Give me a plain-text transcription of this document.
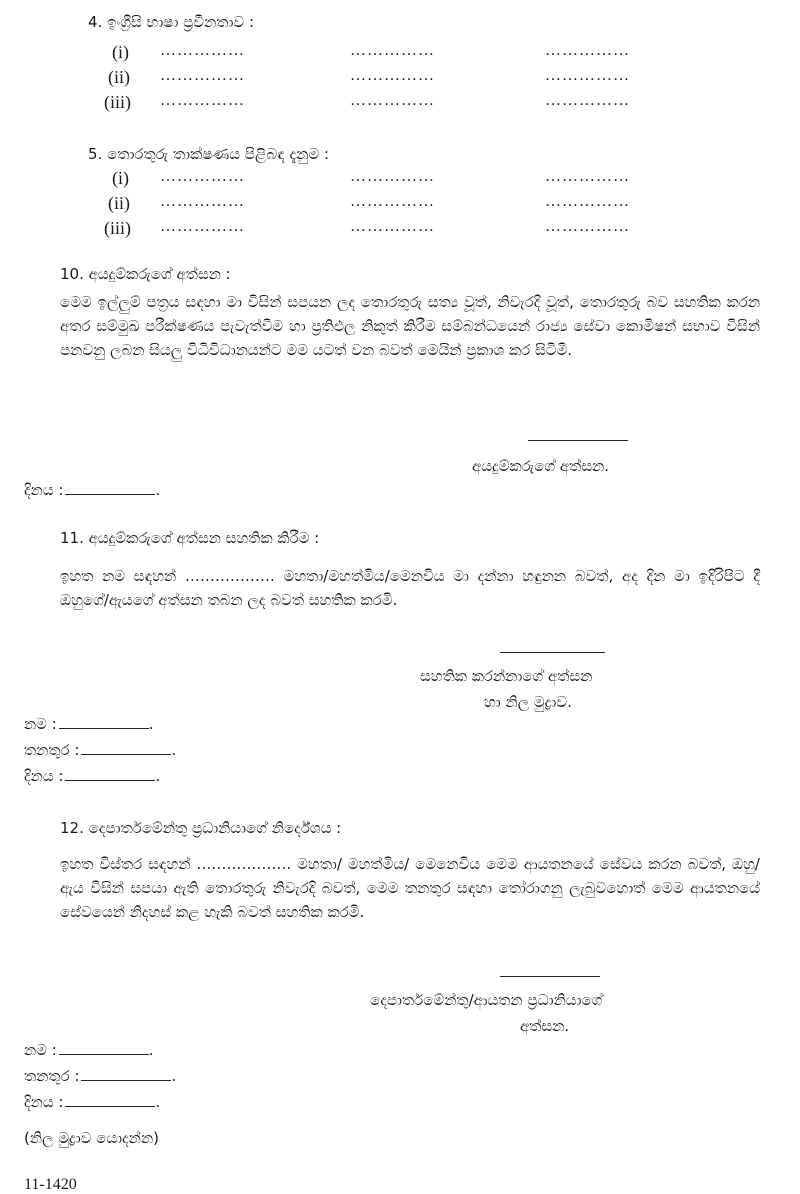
4. ඉංග්‍රීසි භාෂා ප්‍රවීනතාව :
(i) ……………	……………	……………
(ii) ……………	……………	……………
(iii) ……………	……………	……………
5. තොරතුරු තාක්ෂණය පිළිබඳ දැනුම :
(i) ……………	……………	……………
(ii) ……………	……………	……………
(iii) ……………	……………	……………
10. අයදුම්කරුගේ අත්සන :
මෙම ඉල්ලුම් පත්‍රය සඳහා මා විසින් සපයන ලද තොරතුරු සත්‍ය වූත්, නිවැරදි වූත්, තොරතුරු බව සහතික කරන අතර සම්මුඛ පරීක්ෂණය පැවැත්වීම හා ප්‍රතිඵල නිකුත් කිරීම සම්බන්ධයෙන් රාජ්‍ය සේවා කොමිෂන් සභාව විසින් පනවනු ලබන සියලු විධිවිධානයන්ට මම යටත් වන බවත් මෙයින් ප්‍රකාශ කර සිටිමි.
අයදුම්කරුගේ අත්සන.
දිනය :	.
11. අයදුම්කරුගේ අත්සන සහතික කිරීම :
ඉහත නම සඳහන් ……………… මහතා/මහත්මිය/මෙනවිය මා දන්නා හඳුනන බවත්, අද දින මා ඉදිරිපිට දී ඔහුගේ/ඇයගේ අත්සන තබන ලද බවත් සහතික කරමි.
සහතික කරන්නාගේ අත්සන
හා නිල මුද්‍රාව.
නම :	.
තනතුර :	.
දිනය :	.
12. දෙපාර්තමේන්තු ප්‍රධානියාගේ නිර්දේශය :
ඉහත විස්තර සඳහන් ………………. මහතා/ මහත්මිය/ මෙනෙවිය මෙම ආයතනයේ සේවය කරන බවත්, ඔහු/ඇය විසින් සපයා ඇති තොරතුරු නිවැරදි බවත්, මෙම තනතුර සඳහා තෝරාගනු ලැබුවහොත් මෙම ආයතනයේ සේවයෙන් නිදහස් කළ හැකි බවත් සහතික කරමි.
දෙපාර්තමේන්තු/ආයතන ප්‍රධානියාගේ
අත්සන.
නම :	.
තනතුර :	.
දිනය :	.
(නිල මුද්‍රාව යොදන්න)
11-1420
